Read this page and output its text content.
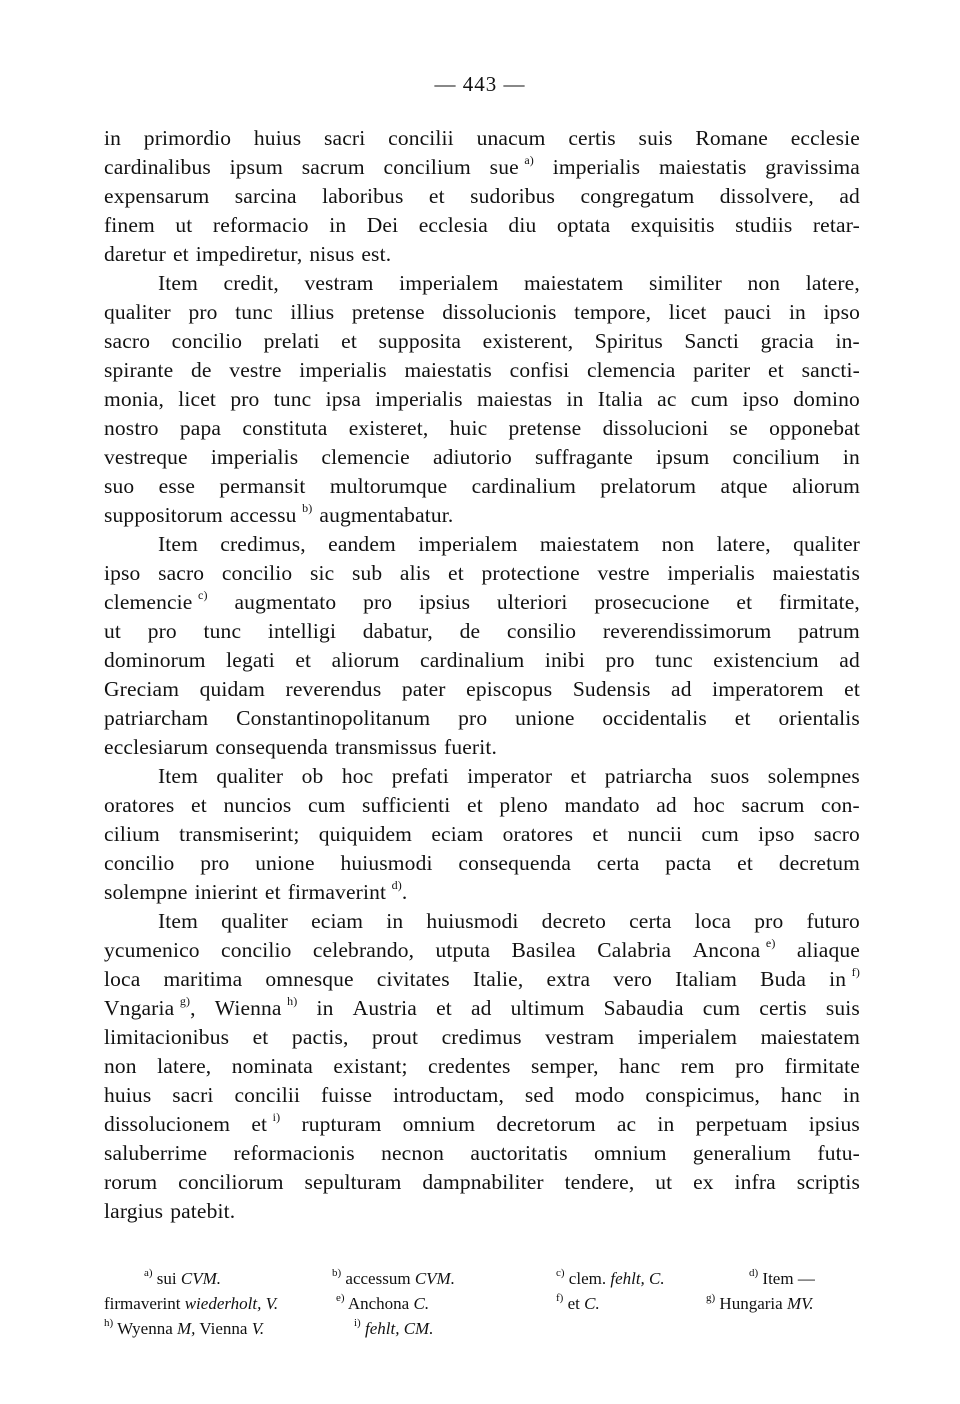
— 443 —
in primordio huius sacri concilii unacum certis suis Romane ecclesie
cardinalibus ipsum sacrum concilium sue $^{a)}$ imperialis maiestatis gravissima
expensarum sarcina laboribus et sudoribus congregatum dissolvere, ad
finem ut reformacio in Dei ecclesia diu optata exquisitis studiis retar-
daretur et impediretur, nisus est.
Item credit, vestram imperialem maiestatem similiter non latere,
qualiter pro tunc illius pretense dissolucionis tempore, licet pauci in ipso
sacro concilio prelati et supposita existerent, Spiritus Sancti gracia in-
spirante de vestre imperialis maiestatis confisi clemencia pariter et sancti-
monia, licet pro tunc ipsa imperialis maiestas in Italia ac cum ipso domino
nostro papa constituta existeret, huic pretense dissolucioni se opponebat
vestreque imperialis clemencie adiutorio suffragante ipsum concilium in
suo esse permansit multorumque cardinalium prelatorum atque aliorum
suppositorum accessu $^{b)}$ augmentabatur.
Item credimus, eandem imperialem maiestatem non latere, qualiter
ipso sacro concilio sic sub alis et protectione vestre imperialis maiestatis
clemencie $^{c)}$ augmentato pro ipsius ulteriori prosecucione et firmitate,
ut pro tunc intelligi dabatur, de consilio reverendissimorum patrum
dominorum legati et aliorum cardinalium inibi pro tunc existencium ad
Greciam quidam reverendus pater episcopus Sudensis ad imperatorem et
patriarcham Constantinopolitanum pro unione occidentalis et orientalis
ecclesiarum consequenda transmissus fuerit.
Item qualiter ob hoc prefati imperator et patriarcha suos solempnes
oratores et nuncios cum sufficienti et pleno mandato ad hoc sacrum con-
cilium transmiserint; quiquidem eciam oratores et nuncii cum ipso sacro
concilio pro unione huiusmodi consequenda certa pacta et decretum
solempne inierint et firmaverint $^{d)}$.
Item qualiter eciam in huiusmodi decreto certa loca pro futuro
ycumenico concilio celebrando, utputa Basilea Calabria Ancona $^{e)}$ aliaque
loca maritima omnesque civitates Italie, extra vero Italiam Buda in $^{f)}$
Vngaria $^{g)}$, Wienna $^{h)}$ in Austria et ad ultimum Sabaudia cum certis suis
limitacionibus et pactis, prout credimus vestram imperialem maiestatem
non latere, nominata existant; credentes semper, hanc rem pro firmitate
huius sacri concilii fuisse introductam, sed modo conspicimus, hanc in
dissolucionem et $^{i)}$ rupturam omnium decretorum ac in perpetuam ipsius
saluberrime reformacionis necnon auctoritatis omnium generalium futu-
rorum conciliorum sepulturam dampnabiliter tendere, ut ex infra scriptis
largius patebit.
$^{a)}$ sui CVM.	$^{b)}$ accessum CVM.	$^{c)}$ clem. fehlt, C.	$^{d)}$ Item —
firmaverint wiederholt, V.	$^{e)}$ Anchona C.	$^{f)}$ et C.	$^{g)}$ Hungaria MV.
$^{h)}$ Wyenna M, Vienna V.	$^{i)}$ fehlt, CM.
